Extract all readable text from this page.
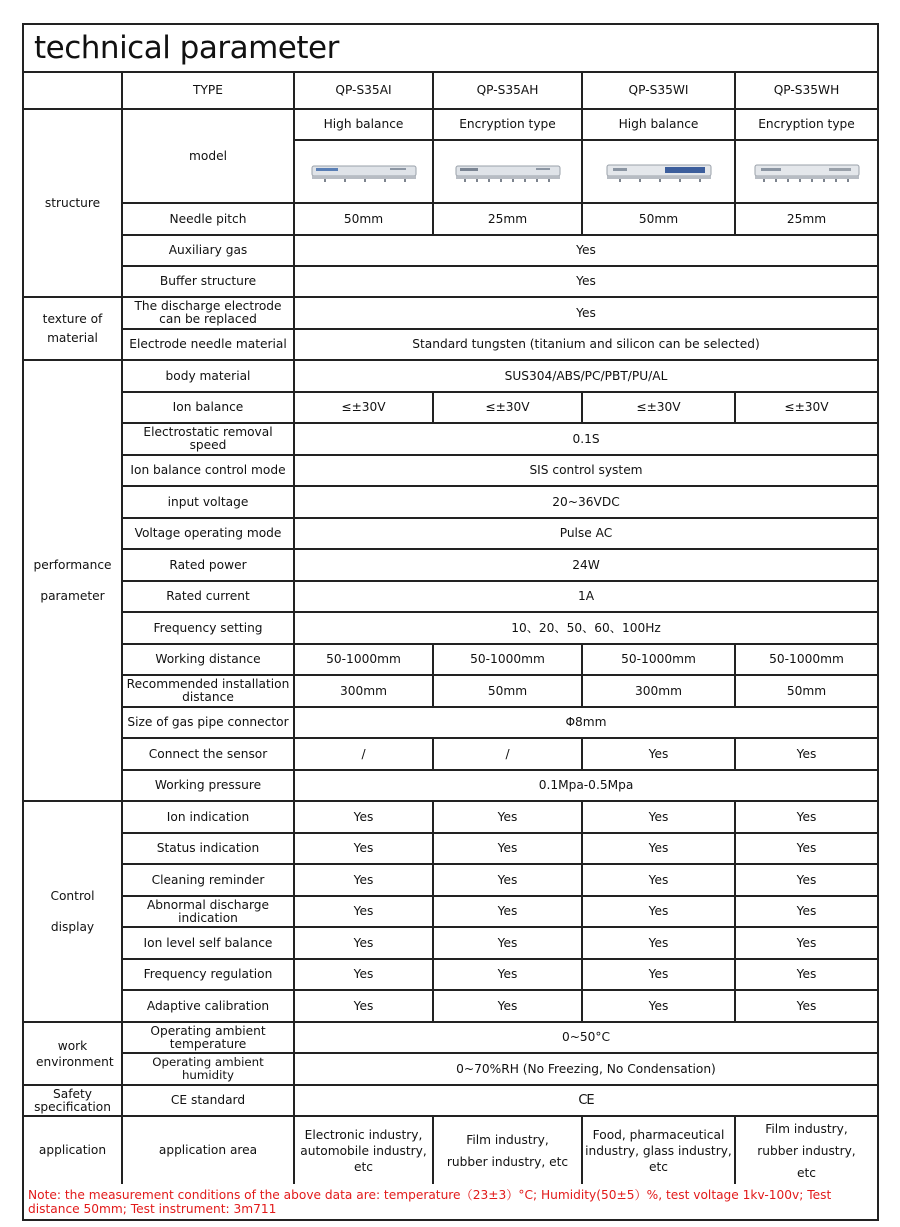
technical parameter
	TYPE	QP-S35AI	QP-S35AH	QP-S35WI	QP-S35WH
structure	model	High balance	Encryption type	High balance	Encryption type

	Needle pitch	50mm	25mm	50mm	25mm
	Auxiliary gas	Yes			
	Buffer structure	Yes			
texture of material	The discharge electrode can be replaced	Yes			
	Electrode needle material	Standard tungsten (titanium and silicon can be selected)			
performance parameter	body material	SUS304/ABS/PC/PBT/PU/AL			
	Ion balance	≤±30V	≤±30V	≤±30V	≤±30V
	Electrostatic removal speed	0.1S			
	Ion balance control mode	SIS control system			
	input voltage	20~36VDC			
	Voltage operating mode	Pulse AC			
	Rated power	24W			
	Rated current	1A			
	Frequency setting	10、20、50、60、100Hz			
	Working distance	50-1000mm	50-1000mm	50-1000mm	50-1000mm
	Recommended installation distance	300mm	50mm	300mm	50mm
	Size of gas pipe connector	Φ8mm			
	Connect the sensor	/	/	Yes	Yes
	Working pressure	0.1Mpa-0.5Mpa			
Control display	Ion indication	Yes	Yes	Yes	Yes
	Status indication	Yes	Yes	Yes	Yes
	Cleaning reminder	Yes	Yes	Yes	Yes
	Abnormal discharge indication	Yes	Yes	Yes	Yes
	Ion level self balance	Yes	Yes	Yes	Yes
	Frequency regulation	Yes	Yes	Yes	Yes
	Adaptive calibration	Yes	Yes	Yes	Yes
work environment	Operating ambient temperature	0~50°C			
	Operating ambient humidity	0~70%RH (No Freezing, No Condensation)			
Safety specification	CE standard	CE			
application	application area	Electronic industry, automobile industry, etc	Film industry, rubber industry, etc	Food, pharmaceutical industry, glass industry, etc	Film industry, rubber industry, etc
Note: the measurement conditions of the above data are: temperature（23±3）°C; Humidity(50±5）%, test voltage 1kv-100v; Test distance 50mm; Test instrument: 3m711
